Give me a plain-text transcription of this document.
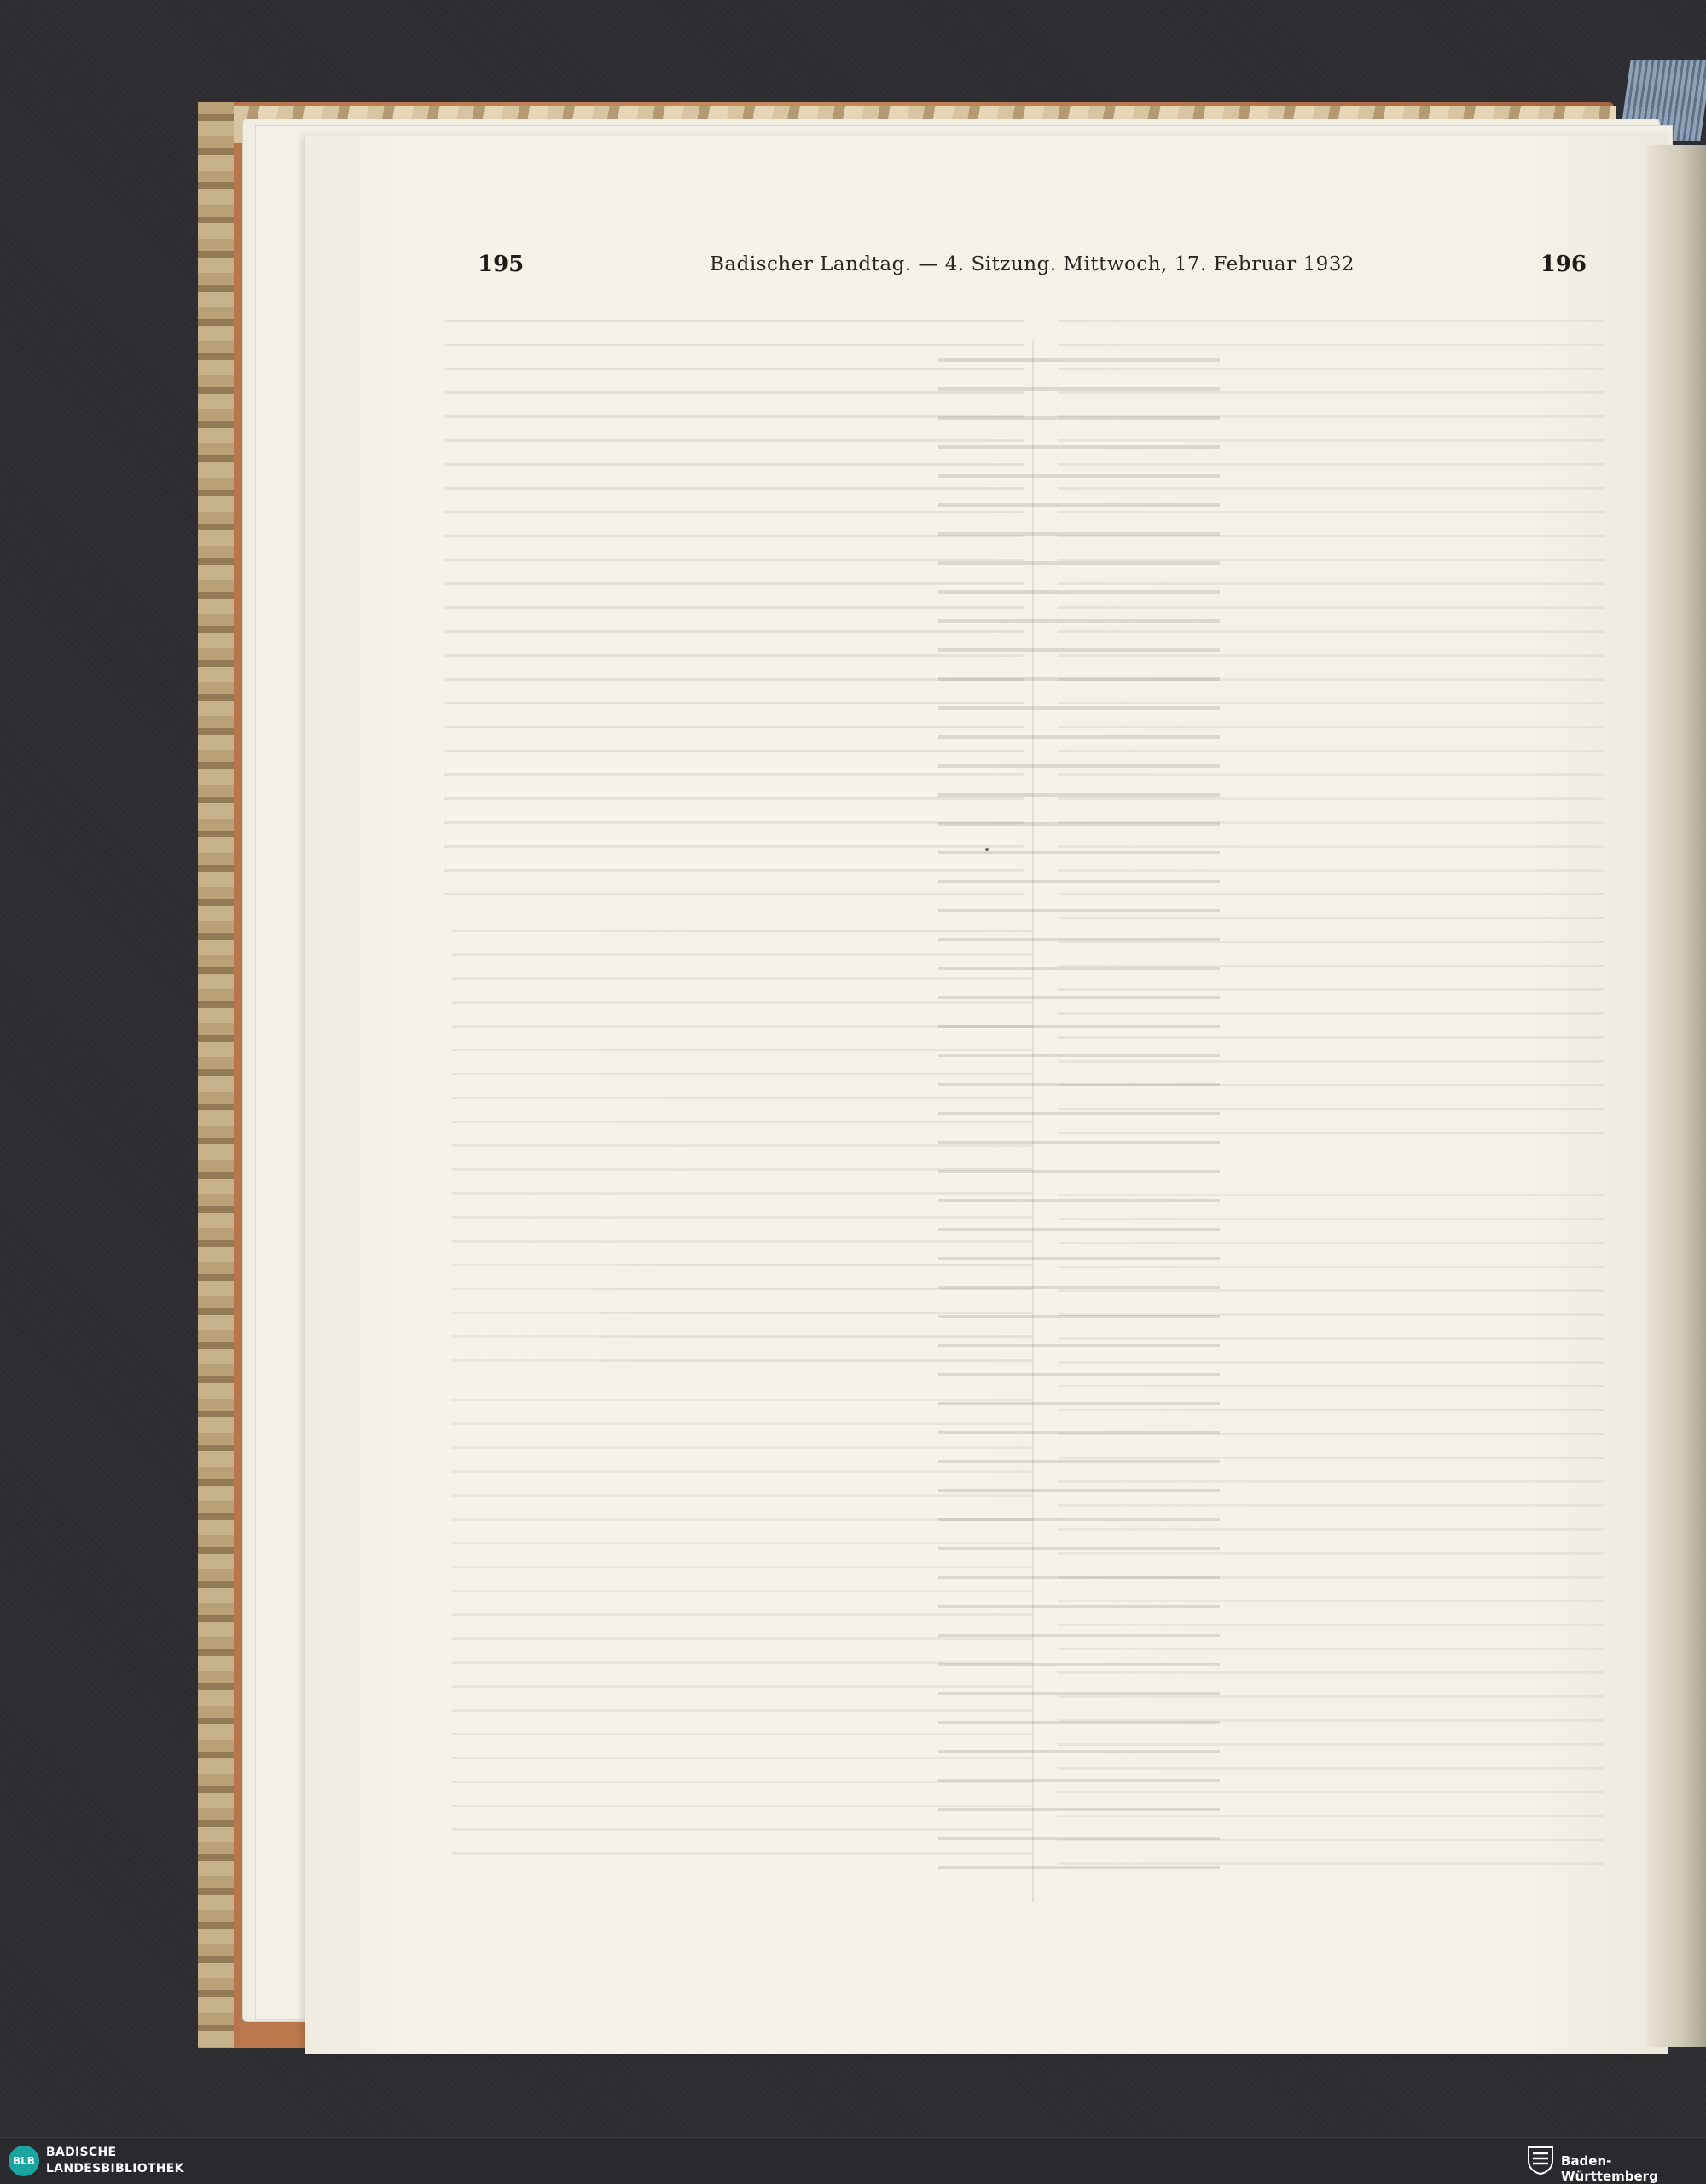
195	Badischer Landtag. — 4. Sitzung. Mittwoch, 17. Februar 1932	196
BLB
BADISCHE
LANDESBIBLIOTHEK	Baden-Württemberg
